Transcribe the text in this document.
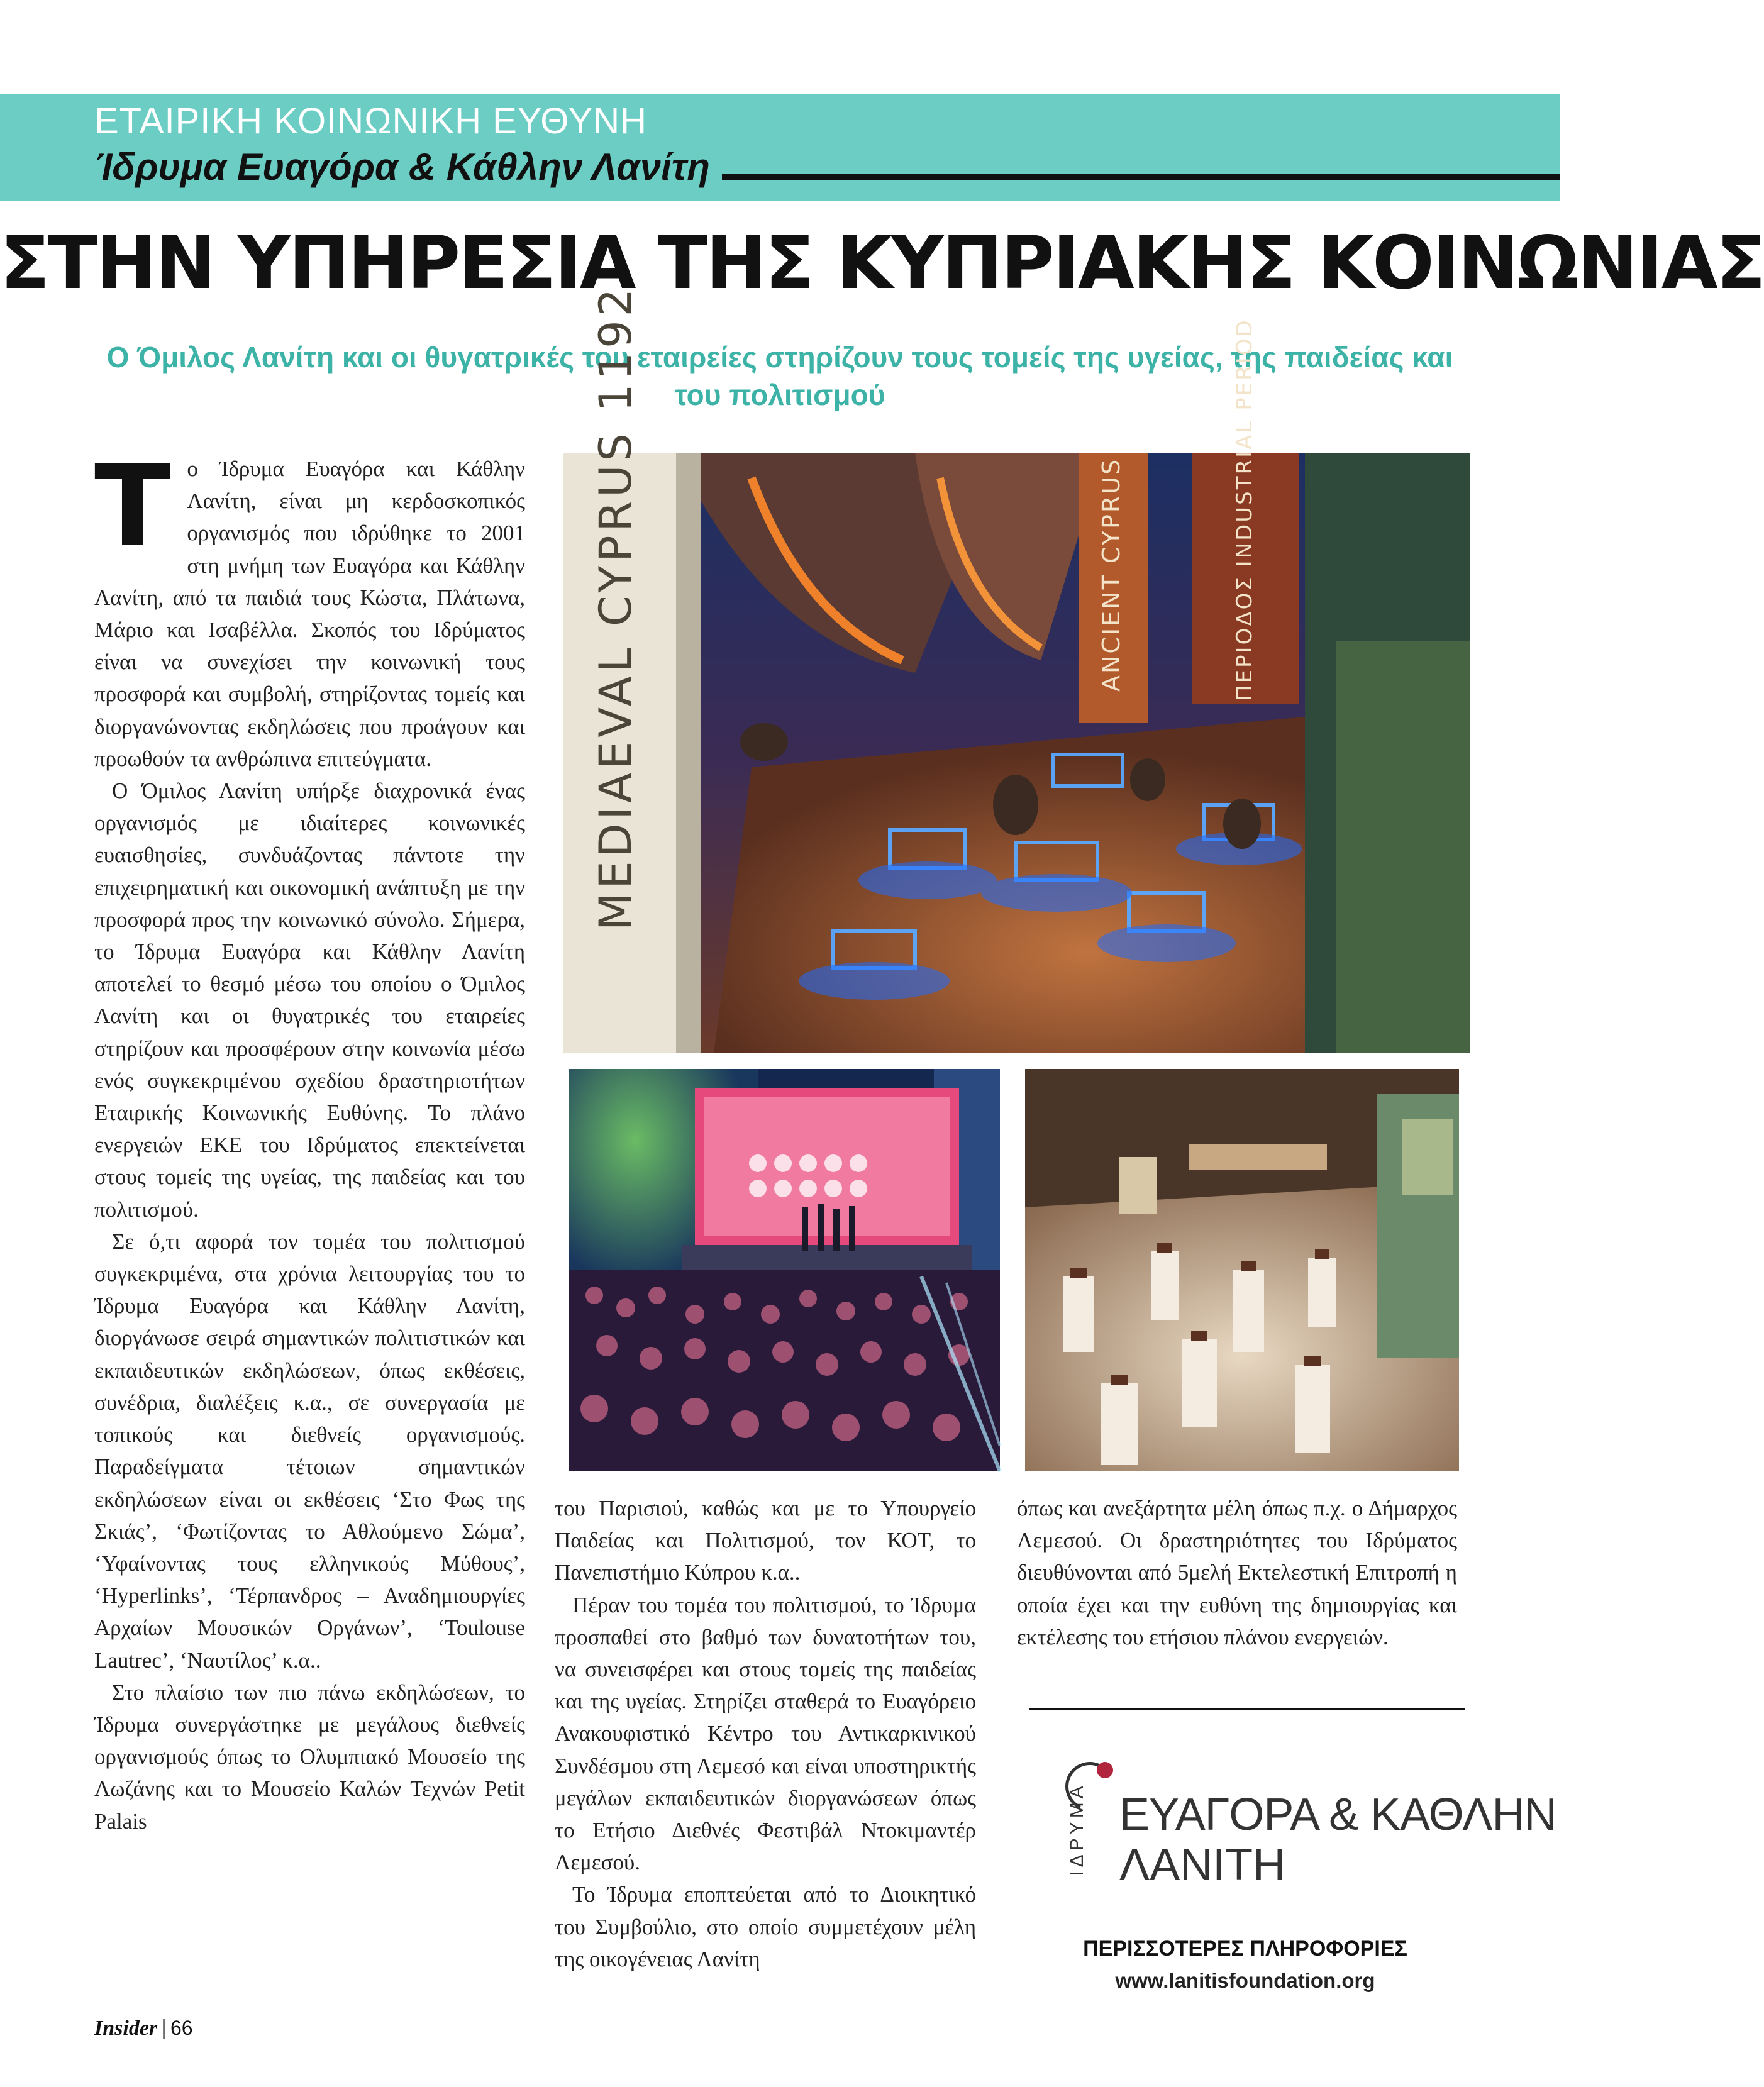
ΕΤΑΙΡΙΚΗ ΚΟΙΝΩΝΙΚΗ ΕΥΘΥΝΗ
Ίδρυμα Ευαγόρα & Κάθλην Λανίτη
ΣΤΗΝ ΥΠΗΡΕΣΙΑ ΤΗΣ ΚΥΠΡΙΑΚΗΣ ΚΟΙΝΩΝΙΑΣ

Ο Όμιλος Λανίτη και οι θυγατρικές του εταιρείες στηρίζουν τους τομείς της υγείας, της παιδείας και του πολιτισμού

Το Ίδρυμα Ευαγόρα και Κάθλην Λανίτη, είναι μη κερδοσκοπικός οργανισμός που ιδρύθηκε το 2001 στη μνήμη των Ευαγόρα και Κάθλην Λανίτη, από τα παιδιά τους Κώστα, Πλάτωνα, Μάριο και Ισαβέλλα. Σκοπός του Ιδρύματος είναι να συνεχίσει την κοινωνική τους προσφορά και συμβολή, στηρίζοντας τομείς και διοργανώνοντας εκδηλώσεις που προάγουν και προωθούν τα ανθρώπινα επιτεύγματα.

Ο Όμιλος Λανίτη υπήρξε διαχρονικά ένας οργανισμός με ιδιαίτερες κοινωνικές ευαισθησίες, συνδυάζοντας πάντοτε την επιχειρηματική και οικονομική ανάπτυξη με την προσφορά προς την κοινωνικό σύνολο. Σήμερα, το Ίδρυμα Ευαγόρα και Κάθλην Λανίτη αποτελεί το θεσμό μέσω του οποίου ο Όμιλος Λανίτη και οι θυγατρικές του εταιρείες στηρίζουν και προσφέρουν στην κοινωνία μέσω ενός συγκεκριμένου σχεδίου δραστηριοτήτων Εταιρικής Κοινωνικής Ευθύνης. Το πλάνο ενεργειών ΕΚΕ του Ιδρύματος επεκτείνεται στους τομείς της υγείας, της παιδείας και του πολιτισμού.

Σε ό,τι αφορά τον τομέα του πολιτισμού συγκεκριμένα, στα χρόνια λειτουργίας του το Ίδρυμα Ευαγόρα και Κάθλην Λανίτη, διοργάνωσε σειρά σημαντικών πολιτιστικών και εκπαιδευτικών εκδηλώσεων, όπως εκθέσεις, συνέδρια, διαλέξεις κ.α., σε συνεργασία με τοπικούς και διεθνείς οργανισμούς. Παραδείγματα τέτοιων σημαντικών εκδηλώσεων είναι οι εκθέσεις ‘Στο Φως της Σκιάς’, ‘Φωτίζοντας το Αθλούμενο Σώμα’, ‘Υφαίνοντας τους ελληνικούς Μύθους’, ‘Hyperlinks’, ‘Τέρπανδρος – Αναδημιουργίες Αρχαίων Μουσικών Οργάνων’, ‘Toulouse Lautrec’, ‘Ναυτίλος’ κ.α..

Στο πλαίσιο των πιο πάνω εκδηλώσεων, το Ίδρυμα συνεργάστηκε με μεγάλους διεθνείς οργανισμούς όπως το Ολυμπιακό Μουσείο της Λωζάνης και το Μουσείο Καλών Τεχνών Petit Palais

MEDIAEVAL CYPRUS 1192	ANCIENT CYPRUS	ΠΕΡΙΟΔΟΣ INDUSTRIAL PERIOD

του Παρισιού, καθώς και με το Υπουργείο Παιδείας και Πολιτισμού, τον ΚΟΤ, το Πανεπιστήμιο Κύπρου κ.α..

Πέραν του τομέα του πολιτισμού, το Ίδρυμα προσπαθεί στο βαθμό των δυνατοτήτων του, να συνεισφέρει και στους τομείς της παιδείας και της υγείας. Στηρίζει σταθερά το Ευαγόρειο Ανακουφιστικό Κέντρο του Αντικαρκινικού Συνδέσμου στη Λεμεσό και είναι υποστηρικτής μεγάλων εκπαιδευτικών διοργανώσεων όπως το Ετήσιο Διεθνές Φεστιβάλ Ντοκιμαντέρ Λεμεσού.

Το Ίδρυμα εποπτεύεται από το Διοικητικό του Συμβούλιο, στο οποίο συμμετέχουν μέλη της οικογένειας Λανίτη

όπως και ανεξάρτητα μέλη όπως π.χ. ο Δήμαρχος Λεμεσού. Οι δραστηριότητες του Ιδρύματος διευθύνονται από 5μελή Εκτελεστική Επιτροπή η οποία έχει και την ευθύνη της δημιουργίας και εκτέλεσης του ετήσιου πλάνου ενεργειών.

ΙΔΡΥΜΑ ΕΥΑΓΟΡΑ & ΚΑΘΛΗΝ
ΛΑΝΙΤΗ
ΠΕΡΙΣΣΟΤΕΡΕΣ ΠΛΗΡΟΦΟΡΙΕΣ
www.lanitisfoundation.org
Insider | 66
